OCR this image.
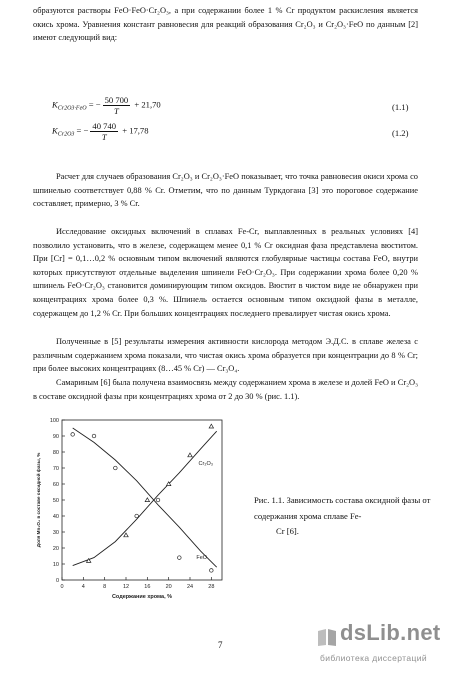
образуются растворы FeO·FeO·Cr₂O₃, а при содержании более 1 % Cr продуктом раскисления является окись хрома. Уравнения констант равновесия для реакций образования Cr₂O₃ и Cr₂O₃·FeO по данным [2] имеют следующий вид:
$K_{Cr2O3\cdot FeO}$ = − $\frac{50 700}{T} + 21,70$	(1.1)
$K_{Cr2O3}$ = − $\frac{40 740}{T} + 17,78$	(1.2)
Расчет для случаев образования Cr₂O₃ и Cr₂O₃·FeO показывает, что точка равновесия окиси хрома со шпинелью соответствует 0,88 % Cr. Отметим, что по данным Туркдогана [3] это пороговое содержание составляет, примерно, 3 % Cr.
Исследование оксидных включений в сплавах Fe-Cr, выплавленных в реальных условиях [4] позволило установить, что в железе, содержащем менее 0,1 % Cr оксидная фаза представлена вюститом. При [Cr] = 0,1…0,2 % основным типом включений являются глобулярные частицы состава FeO, внутри которых присутствуют отдельные выделения шпинели FeO·Cr₂O₃. При содержании хрома более 0,20 % шпинель FeO·Cr₂O₃ становится доминирующим типом оксидов. Вюстит в чистом виде не обнаружен при концентрациях хрома более 0,3 %. Шпинель остается основным типом оксидной фазы в металле, содержащем до 1,2 % Cr. При больших концентрациях последнего превалирует чистая окись хрома.
Полученные в [5] результаты измерения активности кислорода методом Э.Д.С. в сплаве железа с различным содержанием хрома показали, что чистая окись хрома образуется при концентрации до 8 % Cr; при более высоких концентрациях (8…45 % Cr) — Cr₃O₄.
Самариным [6] была получена взаимосвязь между содержанием хрома в железе и долей FeO и Cr₂O₃ в составе оксидной фазы при концентрациях хрома от 2 до 30 % (рис. 1.1).
0
10
20
30
40
50
60
70
80
90
100
0	4	8	12	16	20	24	28
Содержание хрома, %
Доля Mn₃O₄ в составе оксидной фазы, %	Cr₂O₃
FeO
Рис. 1.1. Зависимость состава оксидной фазы от содержания хрома сплаве Fe-
Cr [6].
7	dsLib.net
библиотека диссертаций
